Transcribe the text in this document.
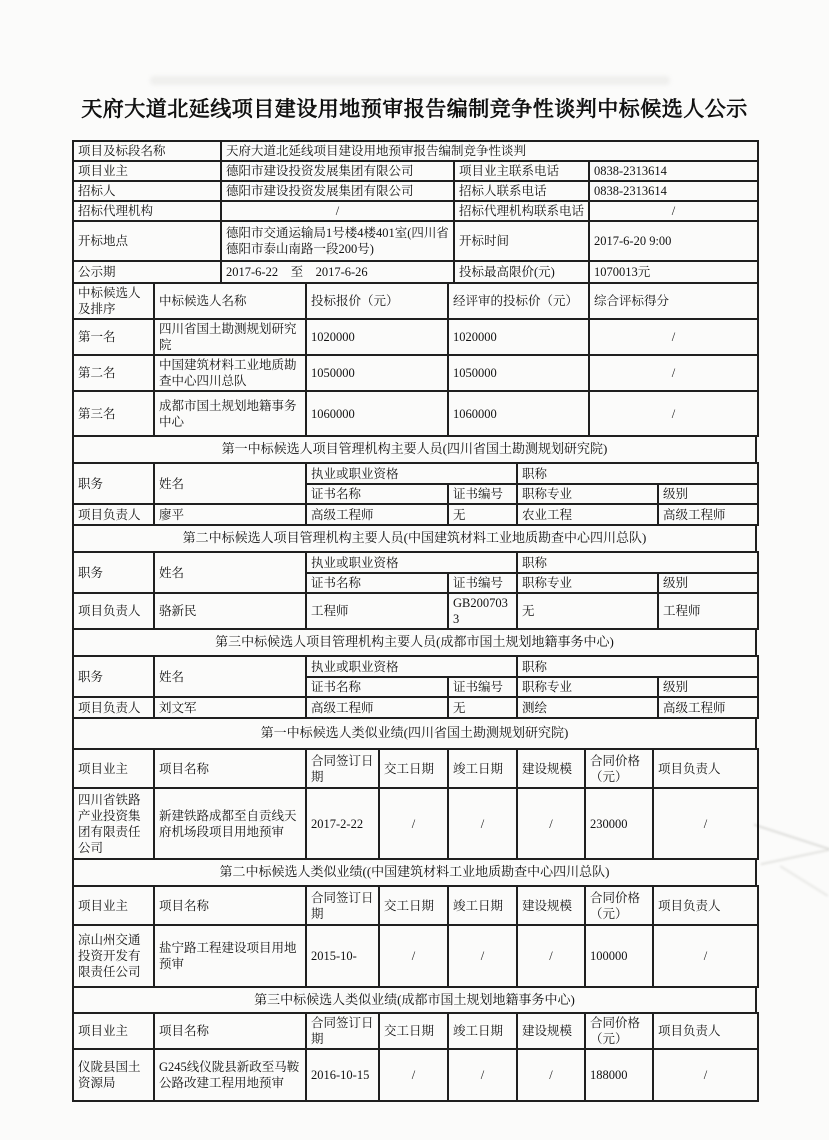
天府大道北延线项目建设用地预审报告编制竞争性谈判中标候选人公示
项目及标段名称	天府大道北延线项目建设用地预审报告编制竞争性谈判		
项目业主	德阳市建设投资发展集团有限公司	项目业主联系电话	0838-2313614
招标人	德阳市建设投资发展集团有限公司	招标人联系电话	0838-2313614
招标代理机构	/	招标代理机构联系电话	/
开标地点	德阳市交通运输局1号楼4楼401室(四川省德阳市泰山南路一段200号)	开标时间	2017-6-20 9:00
公示期	2017-6-22　至　2017-6-26	投标最高限价(元)	1070013元
中标候选人及排序	中标候选人名称	投标报价（元）	经评审的投标价（元）	综合评标得分
第一名	四川省国土勘测规划研究院	1020000	1020000	/
第二名	中国建筑材料工业地质勘查中心四川总队	1050000	1050000	/
第三名	成都市国土规划地籍事务中心	1060000	1060000	/
第一中标候选人项目管理机构主要人员(四川省国土勘测规划研究院)
职务	姓名	执业或职业资格		职称	
		证书名称	证书编号	职称专业	级别
项目负责人	廖平	高级工程师	无	农业工程	高级工程师
第二中标候选人项目管理机构主要人员(中国建筑材料工业地质勘查中心四川总队)
职务	姓名	执业或职业资格		职称	
		证书名称	证书编号	职称专业	级别
项目负责人	骆新民	工程师	GB2007033	无	工程师
第三中标候选人项目管理机构主要人员(成都市国土规划地籍事务中心)
职务	姓名	执业或职业资格		职称	
		证书名称	证书编号	职称专业	级别
项目负责人	刘文军	高级工程师	无	测绘	高级工程师
第一中标候选人类似业绩(四川省国土勘测规划研究院)
项目业主	项目名称	合同签订日期	交工日期	竣工日期	建设规模	合同价格（元）	项目负责人
四川省铁路产业投资集团有限责任公司	新建铁路成都至自贡线天府机场段项目用地预审	2017-2-22	/	/	/	230000	/
第二中标候选人类似业绩((中国建筑材料工业地质勘查中心四川总队)
项目业主	项目名称	合同签订日期	交工日期	竣工日期	建设规模	合同价格（元）	项目负责人
凉山州交通投资开发有限责任公司	盐宁路工程建设项目用地预审	2015-10-	/	/	/	100000	/
第三中标候选人类似业绩(成都市国土规划地籍事务中心)
项目业主	项目名称	合同签订日期	交工日期	竣工日期	建设规模	合同价格（元）	项目负责人
仪陇县国土资源局	G245线仪陇县新政至马鞍公路改建工程用地预审	2016-10-15	/	/	/	188000	/
